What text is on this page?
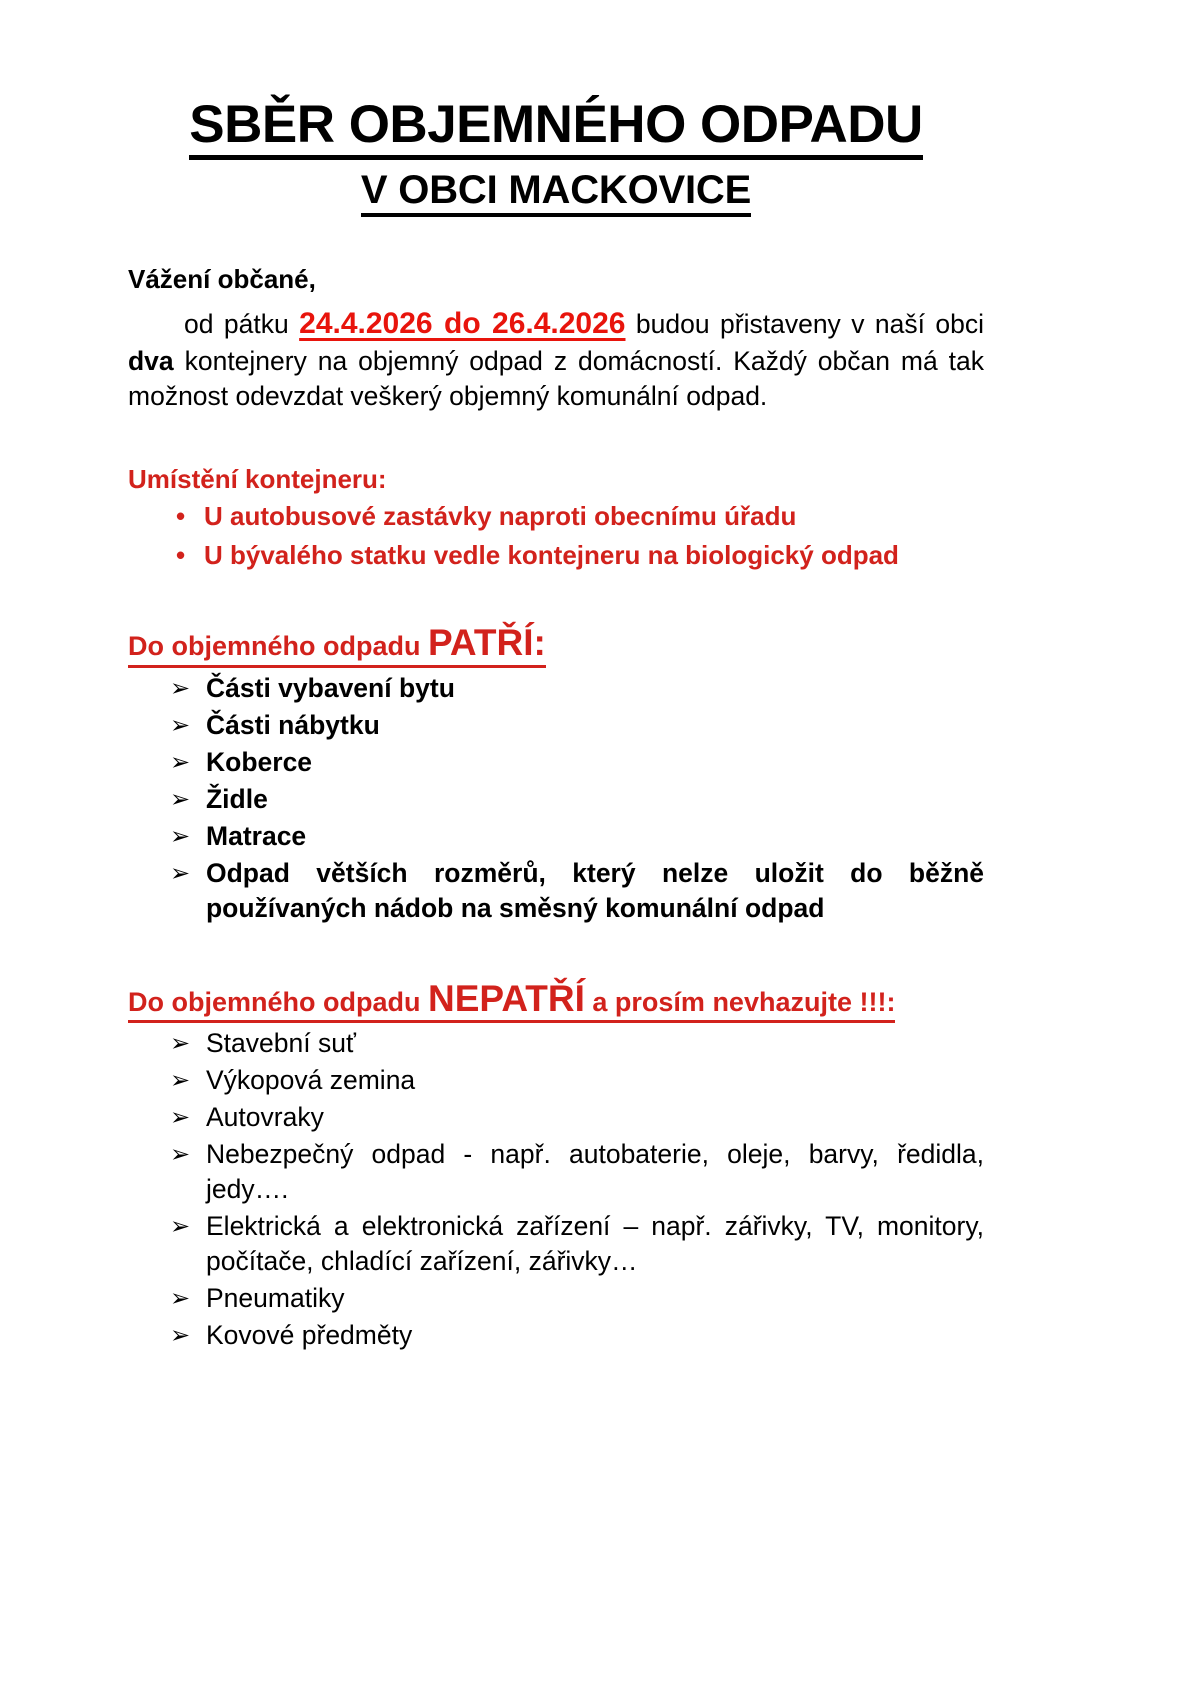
SBĚR OBJEMNÉHO ODPADU
V OBCI MACKOVICE
Vážení občané,
od pátku 24.4.2026 do 26.4.2026 budou přistaveny v naší obci dva kontejnery na objemný odpad z domácností. Každý občan má tak možnost odevzdat veškerý objemný komunální odpad.
Umístění kontejneru:
• U autobusové zastávky naproti obecnímu úřadu
• U bývalého statku vedle kontejneru na biologický odpad
Do objemného odpadu PATŘÍ:
➢ Části vybavení bytu
➢ Části nábytku
➢ Koberce
➢ Židle
➢ Matrace
➢ Odpad větších rozměrů, který nelze uložit do běžně používaných nádob na směsný komunální odpad
Do objemného odpadu NEPATŘÍ a prosím nevhazujte !!!:
➢ Stavební suť
➢ Výkopová zemina
➢ Autovraky
➢ Nebezpečný odpad - např. autobaterie, oleje, barvy, ředidla, jedy….
➢ Elektrická a elektronická zařízení – např. zářivky, TV, monitory, počítače, chladící zařízení, zářivky…
➢ Pneumatiky
➢ Kovové předměty
